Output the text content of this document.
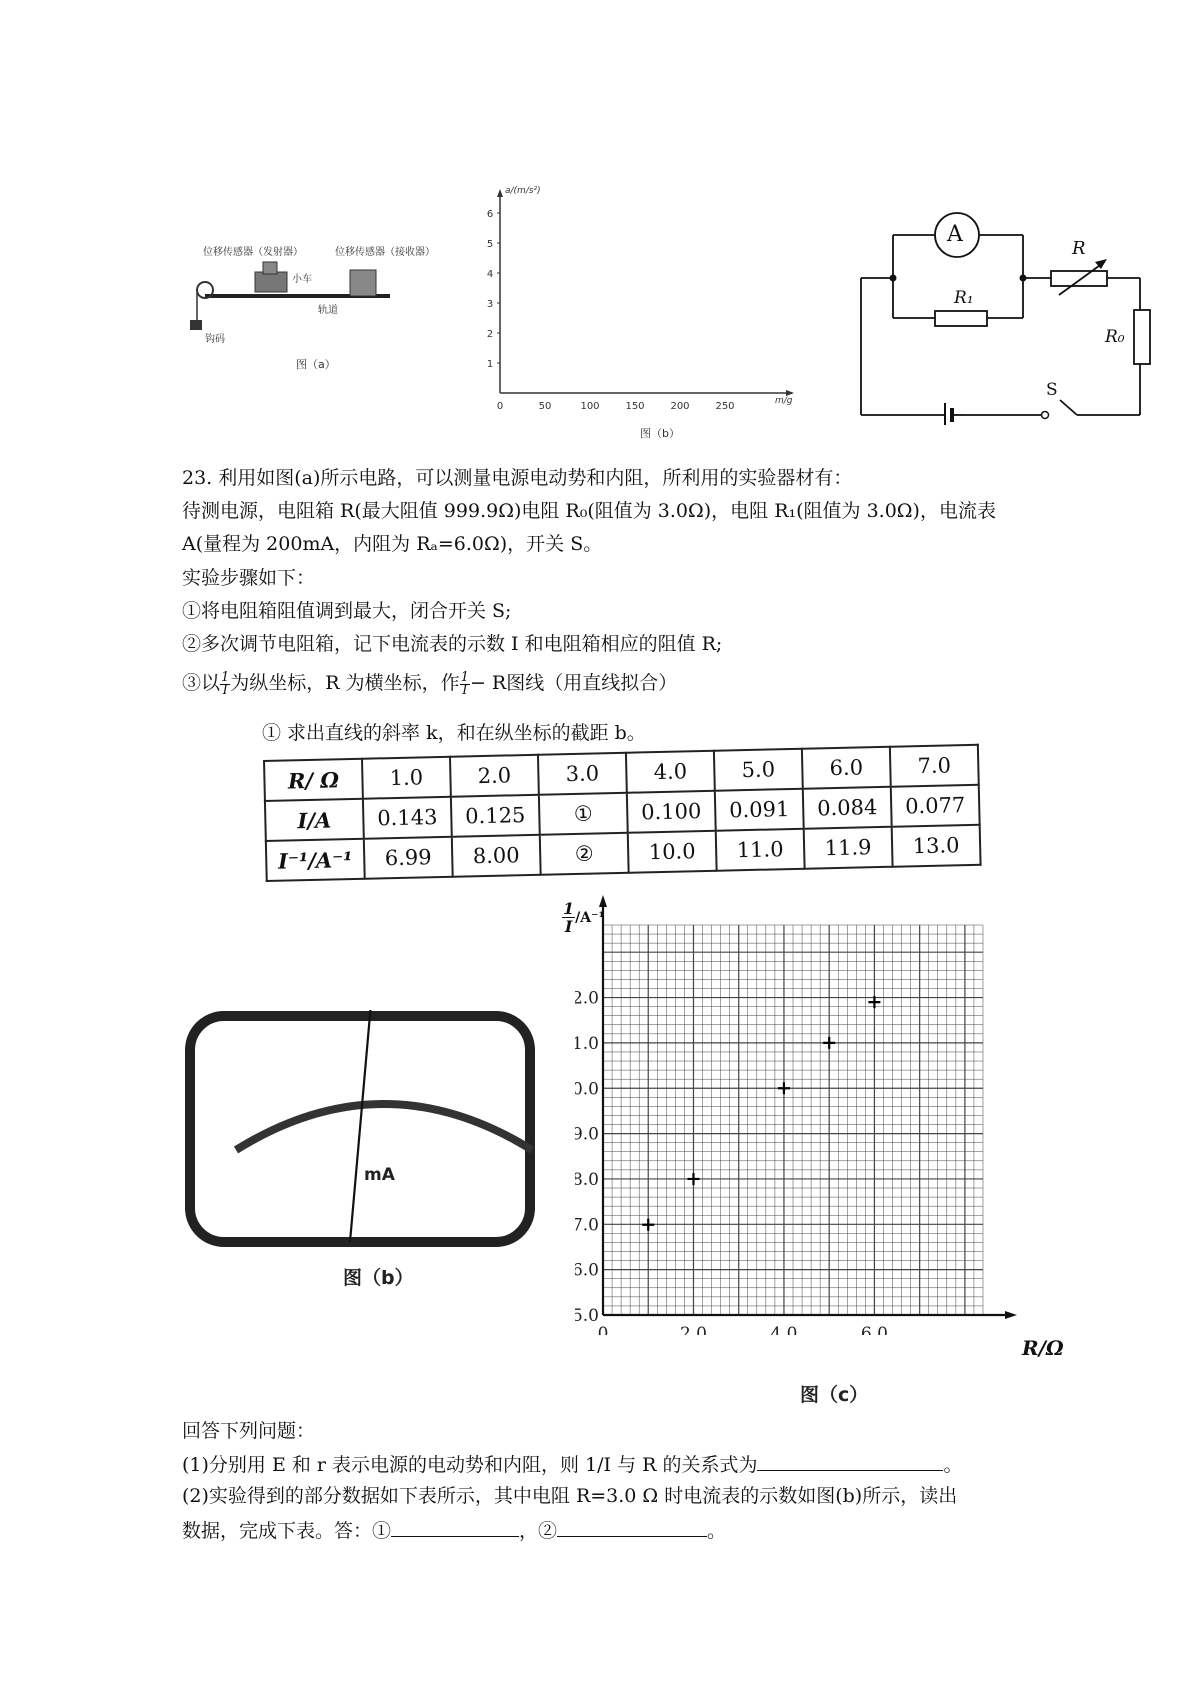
位移传感器（发射器）	位移传感器（接收器）
小车
轨道
钩码
图（a）	1
2
3
4
5
6
0	50	100	150	200	250
a/(m/s²)
m/g
图（b）
A
R
R₁
R₀
S
23. 利用如图(a)所示电路，可以测量电源电动势和内阻，所利用的实验器材有：
待测电源，电阻箱 R(最大阻值 999.9Ω)电阻 R₀(阻值为 3.0Ω)，电阻 R₁(阻值为 3.0Ω)，电流表
A(量程为 200mA，内阻为 Rₐ=6.0Ω)，开关 S。
实验步骤如下：
①将电阻箱阻值调到最大，闭合开关 S;
②多次调节电阻箱，记下电流表的示数 I 和电阻箱相应的阻值 R;
③以 $\frac{1}{I}$ 为纵坐标，R 为横坐标，作 $\frac{1}{I} - R$图线（用直线拟合）
① 求出直线的斜率 k，和在纵坐标的截距 b。
R/ Ω	1.0	2.0	3.0	4.0	5.0	6.0	7.0
I/A	0.143	0.125	①	0.100	0.091	0.084	0.077
I⁻¹/A⁻¹	6.99	8.00	②	10.0	11.0	11.9	13.0
mA
图（b）
5.0
6.0
7.0
8.0
9.0
0.0
1.0
2.0
0	2.0	4.0	6.0
$\frac{1}{I} /A^{-1}$
R/Ω
图（c）
回答下列问题：
(1)分别用 E 和 r 表示电源的电动势和内阻，则 1/I 与 R 的关系式为	。
(2)实验得到的部分数据如下表所示，其中电阻 R=3.0 Ω 时电流表的示数如图(b)所示，读出
数据，完成下表。答：①	，②	。
